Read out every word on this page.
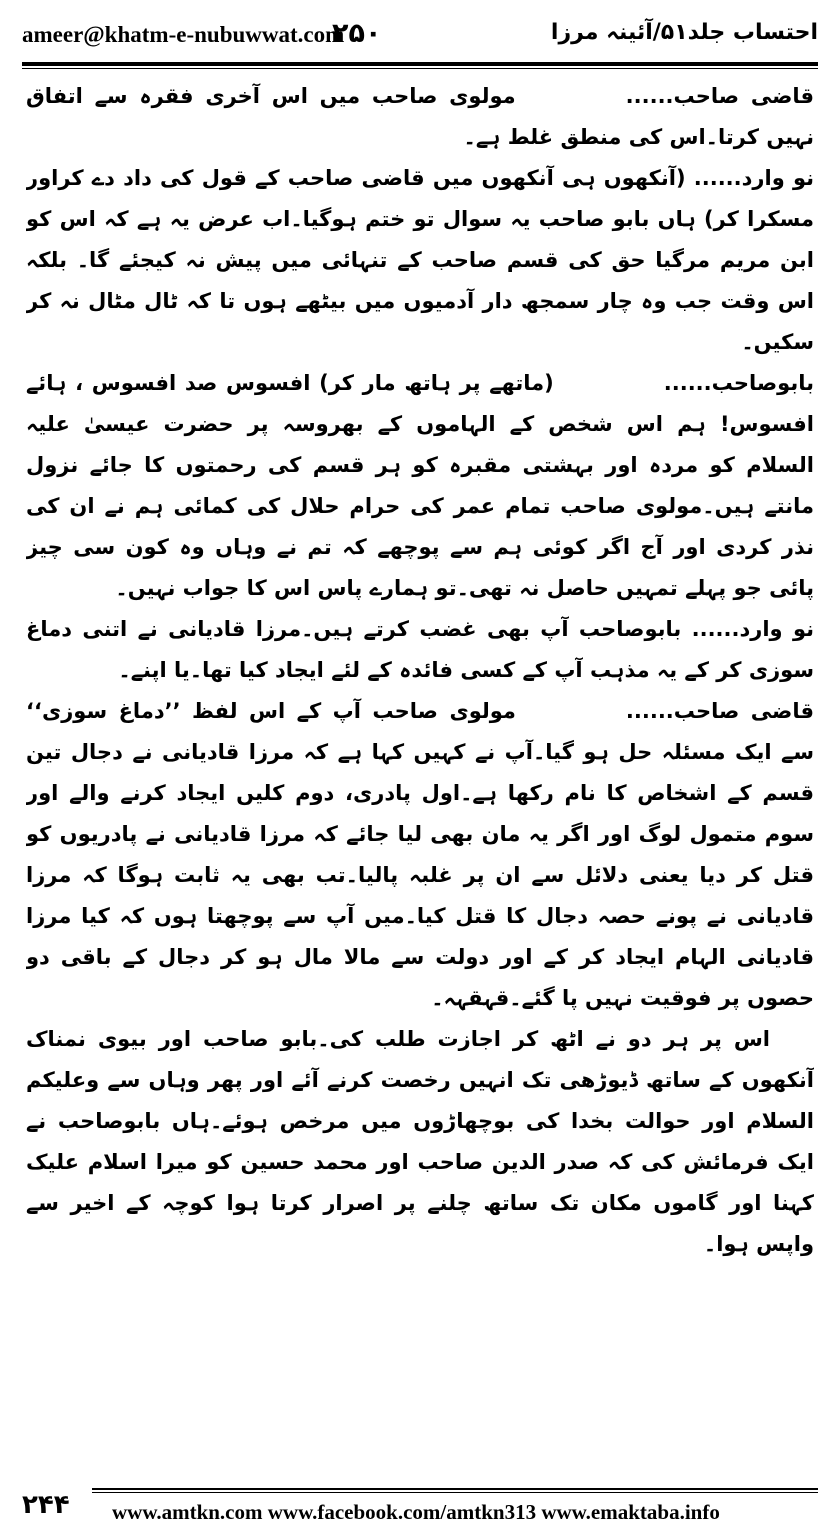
ameer@khatm-e-nubuwwat.com
۲۵۰	احتساب جلد۵۱/آئینہ مرزا

قاضی صاحب......مولوی صاحب میں اس آخری فقرہ سے اتفاق نہیں کرتا۔اس کی منطق غلط ہے۔

نو وارد...... (آنکھوں ہی آنکھوں میں قاضی صاحب کے قول کی داد دے کراور مسکرا کر) ہاں بابو صاحب یہ سوال تو ختم ہوگیا۔اب عرض یہ ہے کہ اس کو ابن مریم مرگیا حق کی قسم صاحب کے تنہائی میں پیش نہ کیجئے گا۔ بلکہ اس وقت جب وہ چار سمجھ دار آدمیوں میں بیٹھے ہوں تا کہ ٹال مٹال نہ کر سکیں۔

بابوصاحب......(ماتھے پر ہاتھ مار کر) افسوس صد افسوس ، ہائے افسوس! ہم اس شخص کے الہاموں کے بھروسہ پر حضرت عیسیٰ علیہ السلام کو مردہ اور بہشتی مقبرہ کو ہر قسم کی رحمتوں کا جائے نزول مانتے ہیں۔مولوی صاحب تمام عمر کی حرام حلال کی کمائی ہم نے ان کی نذر کردی اور آج اگر کوئی ہم سے پوچھے کہ تم نے وہاں وہ کون سی چیز پائی جو پہلے تمہیں حاصل نہ تھی۔تو ہمارے پاس اس کا جواب نہیں۔

نو وارد...... بابوصاحب آپ بھی غضب کرتے ہیں۔مرزا قادیانی نے اتنی دماغ سوزی کر کے یہ مذہب آپ کے کسی فائدہ کے لئے ایجاد کیا تھا۔یا اپنے۔

قاضی صاحب......مولوی صاحب آپ کے اس لفظ ’’دماغ سوزی‘‘ سے ایک مسئلہ حل ہو گیا۔آپ نے کہیں کہا ہے کہ مرزا قادیانی نے دجال تین قسم کے اشخاص کا نام رکھا ہے۔اول پادری، دوم کلیں ایجاد کرنے والے اور سوم متمول لوگ اور اگر یہ مان بھی لیا جائے کہ مرزا قادیانی نے پادریوں کو قتل کر دیا یعنی دلائل سے ان پر غلبہ پالیا۔تب بھی یہ ثابت ہوگا کہ مرزا قادیانی نے پونے حصہ دجال کا قتل کیا۔میں آپ سے پوچھتا ہوں کہ کیا مرزا قادیانی الہام ایجاد کر کے اور دولت سے مالا مال ہو کر دجال کے باقی دو حصوں پر فوقیت نہیں پا گئے۔قہقہہ۔

اس پر ہر دو نے اٹھ کر اجازت طلب کی۔بابو صاحب اور بیوی نمناک آنکھوں کے ساتھ ڈیوڑھی تک انہیں رخصت کرنے آئے اور پھر وہاں سے وعلیکم السلام اور حوالت بخدا کی بوچھاڑوں میں مرخص ہوئے۔ہاں بابوصاحب نے ایک فرمائش کی کہ صدر الدین صاحب اور محمد حسین کو میرا اسلام علیک کہنا اور گاموں مکان تک ساتھ چلنے پر اصرار کرتا ہوا کوچہ کے اخیر سے واپس ہوا۔

۲۴۴ www.amtkn.com www.facebook.com/amtkn313 www.emaktaba.info
